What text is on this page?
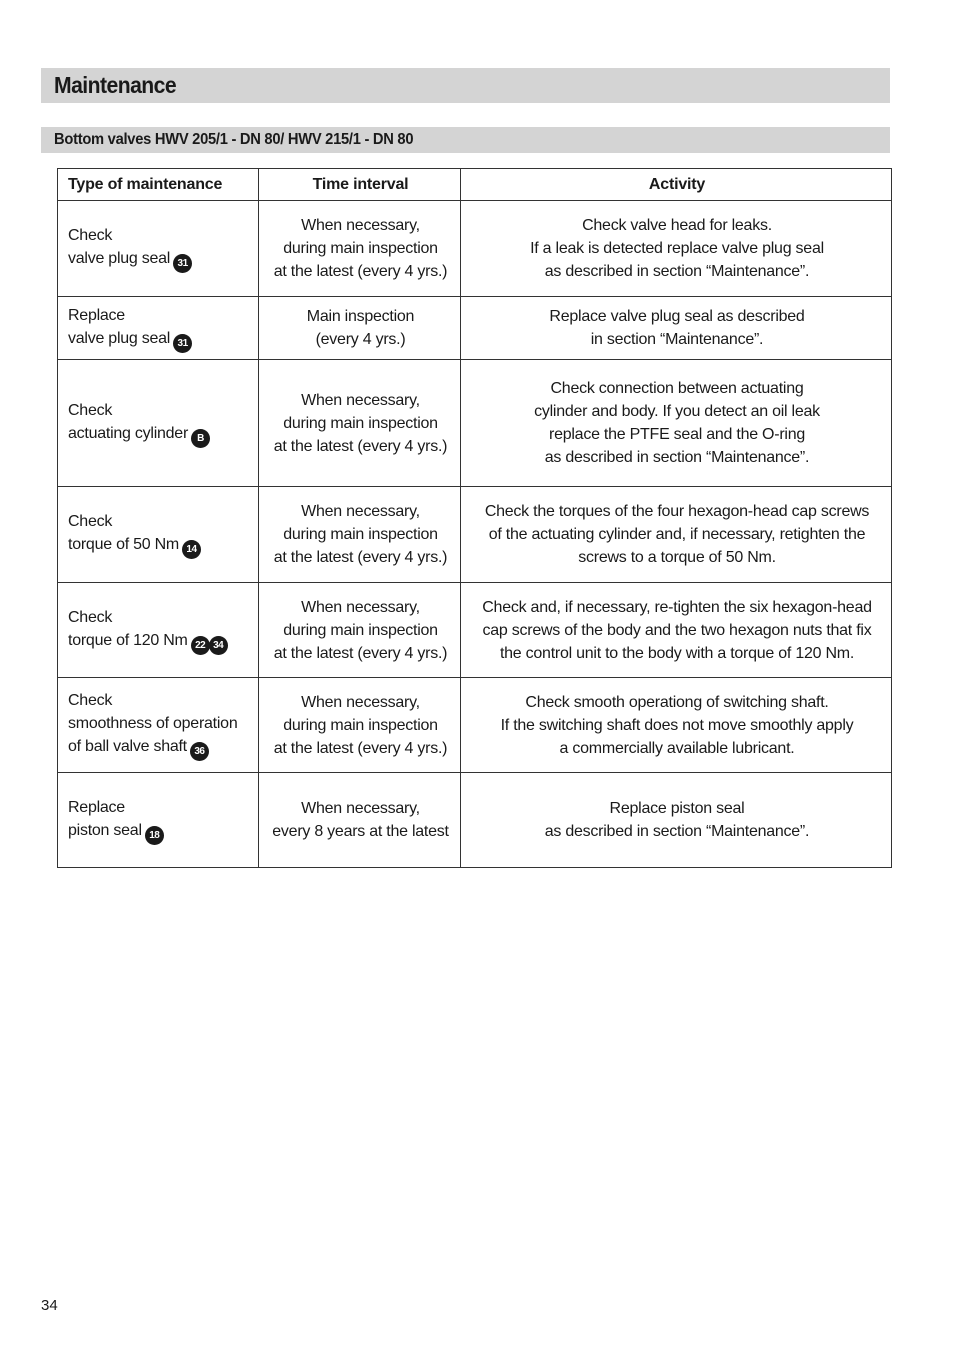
Maintenance
Bottom valves HWV 205/1 - DN 80/ HWV 215/1 - DN 80
Type of maintenance	Time interval	Activity

Check
valve plug seal 31	When necessary,
during main inspection
at the latest (every 4 yrs.)	Check valve head for leaks.
If a leak is detected replace valve plug seal
as described in section “Maintenance”.

Replace
valve plug seal 31	Main inspection
(every 4 yrs.)	Replace valve plug seal as described
in section “Maintenance”.

Check
actuating cylinder B	When necessary,
during main inspection
at the latest (every 4 yrs.)	Check connection between actuating
cylinder and body. If you detect an oil leak
replace the PTFE seal and the O-ring
as described in section “Maintenance”.

Check
torque of 50 Nm 14	When necessary,
during main inspection
at the latest (every 4 yrs.)	Check the torques of the four hexagon-head cap screws
of the actuating cylinder and, if necessary, retighten the
screws to a torque of 50 Nm.

Check
torque of 120 Nm 22 34	When necessary,
during main inspection
at the latest (every 4 yrs.)	Check and, if necessary, re-tighten the six hexagon-head
cap screws of the body and the two hexagon nuts that fix
the control unit to the body with a torque of 120 Nm.

Check
smoothness of operation
of ball valve shaft 36	When necessary,
during main inspection
at the latest (every 4 yrs.)	Check smooth operationg of switching shaft.
If the switching shaft does not move smoothly apply
a commercially available lubricant.

Replace
piston seal 18	When necessary,
every 8 years at the latest	Replace piston seal
as described in section “Maintenance”.
34
